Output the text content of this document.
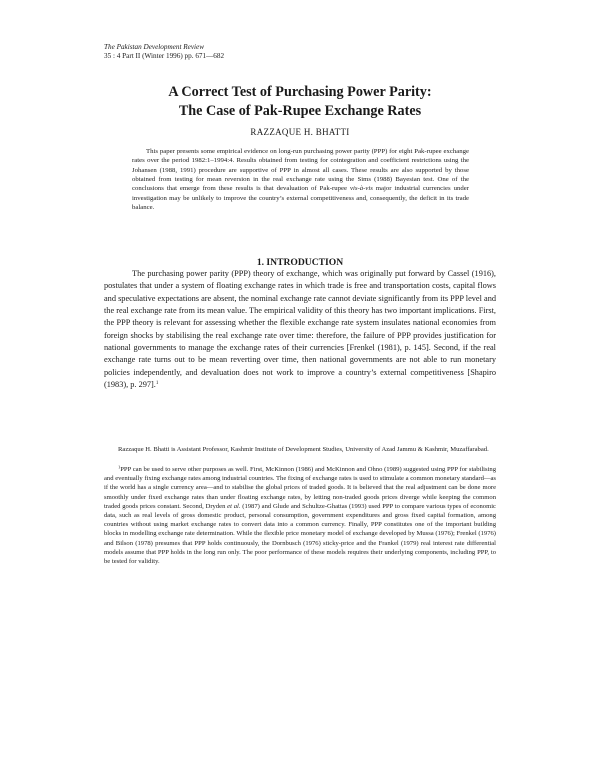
The Pakistan Development Review
35 : 4 Part II (Winter 1996) pp. 671—682
A Correct Test of Purchasing Power Parity:
The Case of Pak-Rupee Exchange Rates
RAZZAQUE H. BHATTI

This paper presents some empirical evidence on long-run purchasing power parity (PPP) for eight Pak-rupee exchange rates over the period 1982:1–1994:4. Results obtained from testing for cointegration and coefficient restrictions using the Johansen (1988, 1991) procedure are supportive of PPP in almost all cases. These results are also supported by those obtained from testing for mean reversion in the real exchange rate using the Sims (1988) Bayesian test. One of the conclusions that emerge from these results is that devaluation of Pak-rupee vis-à-vis major industrial currencies under investigation may be unlikely to improve the country’s external competitiveness and, consequently, the deficit in its trade balance.

1. INTRODUCTION

The purchasing power parity (PPP) theory of exchange, which was originally put forward by Cassel (1916), postulates that under a system of floating exchange rates in which trade is free and transportation costs, capital flows and speculative expectations are absent, the nominal exchange rate cannot deviate significantly from its PPP level and the real exchange rate from its mean value. The empirical validity of this theory has two important implications. First, the PPP theory is relevant for assessing whether the flexible exchange rate system insulates national economies from foreign shocks by stabilising the real exchange rate over time: therefore, the failure of PPP provides justification for national governments to manage the exchange rates of their currencies [Frenkel (1981), p. 145]. Second, if the real exchange rate turns out to be mean reverting over time, then national governments are not able to run monetary policies independently, and devaluation does not work to improve a country’s external competitiveness [Shapiro (1983), p. 297].$^1$

Razzaque H. Bhatti is Assistant Professor, Kashmir Institute of Development Studies, University of Azad Jammu & Kashmir, Muzaffarabad.

$^1$PPP can be used to serve other purposes as well. First, McKinnon (1986) and McKinnon and Ohno (1989) suggested using PPP for stabilising and eventually fixing exchange rates among industrial countries. The fixing of exchange rates is used to stimulate a common monetary standard—as if the world has a single currency area—and to stabilise the global prices of traded goods. It is believed that the real adjustment can be done more smoothly under fixed exchange rates than under floating exchange rates, by letting non-traded goods prices diverge while keeping the common traded goods prices constant. Second, Dryden et al. (1987) and Glude and Schultze-Ghattas (1993) used PPP to compare various types of economic data, such as real levels of gross domestic product, personal consumption, government expenditures and gross fixed capital formation, among countries without using market exchange rates to convert data into a common currency. Finally, PPP constitutes one of the important building blocks in modelling exchange rate determination. While the flexible price monetary model of exchange developed by Mussa (1976); Frenkel (1976) and Bilson (1978) presumes that PPP holds continuously, the Dornbusch (1976) sticky-price and the Frankel (1979) real interest rate differential models assume that PPP holds in the long run only. The poor performance of these models requires their underlying components, including PPP, to be tested for validity.
